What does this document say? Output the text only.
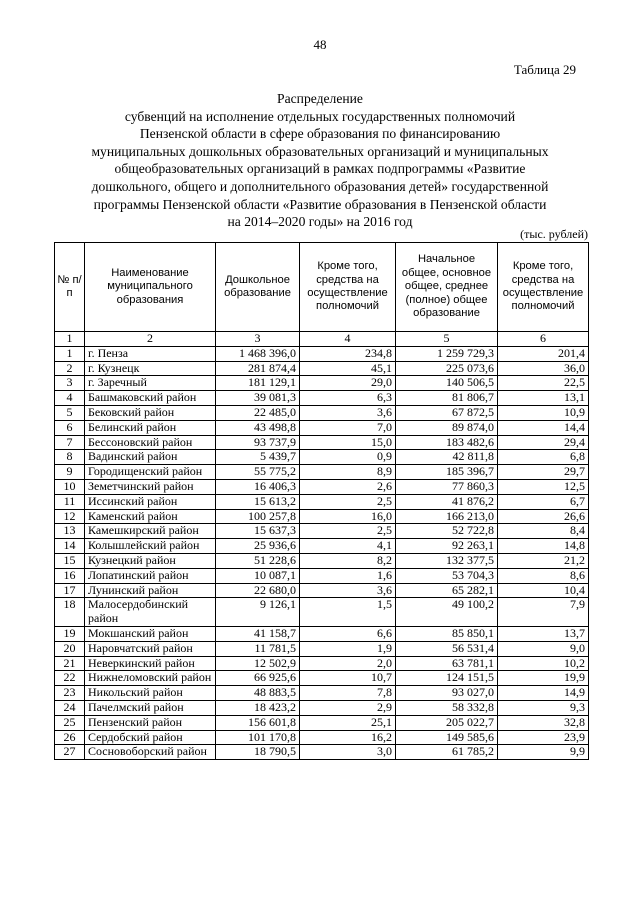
48
Таблица 29
Распределение
субвенций на исполнение отдельных государственных полномочий
Пензенской области в сфере образования по финансированию
муниципальных дошкольных образовательных организаций и муниципальных
общеобразовательных организаций в рамках подпрограммы «Развитие
дошкольного, общего и дополнительного образования детей» государственной
программы Пензенской области «Развитие образования в Пензенской области
на 2014–2020 годы» на 2016 год
(тыс. рублей)
№ п/п	Наименование муниципального образования	Дошкольное образование	Кроме того, средства на осуществление полномочий	Начальное общее, основное общее, среднее (полное) общее образование	Кроме того, средства на осуществление полномочий
1	2	3	4	5	6
1	г. Пенза	1 468 396,0	234,8	1 259 729,3	201,4
2	г. Кузнецк	281 874,4	45,1	225 073,6	36,0
3	г. Заречный	181 129,1	29,0	140 506,5	22,5
4	Башмаковский район	39 081,3	6,3	81 806,7	13,1
5	Бековский район	22 485,0	3,6	67 872,5	10,9
6	Белинский район	43 498,8	7,0	89 874,0	14,4
7	Бессоновский район	93 737,9	15,0	183 482,6	29,4
8	Вадинский район	5 439,7	0,9	42 811,8	6,8
9	Городищенский район	55 775,2	8,9	185 396,7	29,7
10	Земетчинский район	16 406,3	2,6	77 860,3	12,5
11	Иссинский район	15 613,2	2,5	41 876,2	6,7
12	Каменский район	100 257,8	16,0	166 213,0	26,6
13	Камешкирский район	15 637,3	2,5	52 722,8	8,4
14	Колышлейский район	25 936,6	4,1	92 263,1	14,8
15	Кузнецкий район	51 228,6	8,2	132 377,5	21,2
16	Лопатинский район	10 087,1	1,6	53 704,3	8,6
17	Лунинский район	22 680,0	3,6	65 282,1	10,4
18	Малосердобинский район	9 126,1	1,5	49 100,2	7,9
19	Мокшанский район	41 158,7	6,6	85 850,1	13,7
20	Наровчатский район	11 781,5	1,9	56 531,4	9,0
21	Неверкинский район	12 502,9	2,0	63 781,1	10,2
22	Нижнеломовский район	66 925,6	10,7	124 151,5	19,9
23	Никольский район	48 883,5	7,8	93 027,0	14,9
24	Пачелмский район	18 423,2	2,9	58 332,8	9,3
25	Пензенский район	156 601,8	25,1	205 022,7	32,8
26	Сердобский район	101 170,8	16,2	149 585,6	23,9
27	Сосновоборский район	18 790,5	3,0	61 785,2	9,9
